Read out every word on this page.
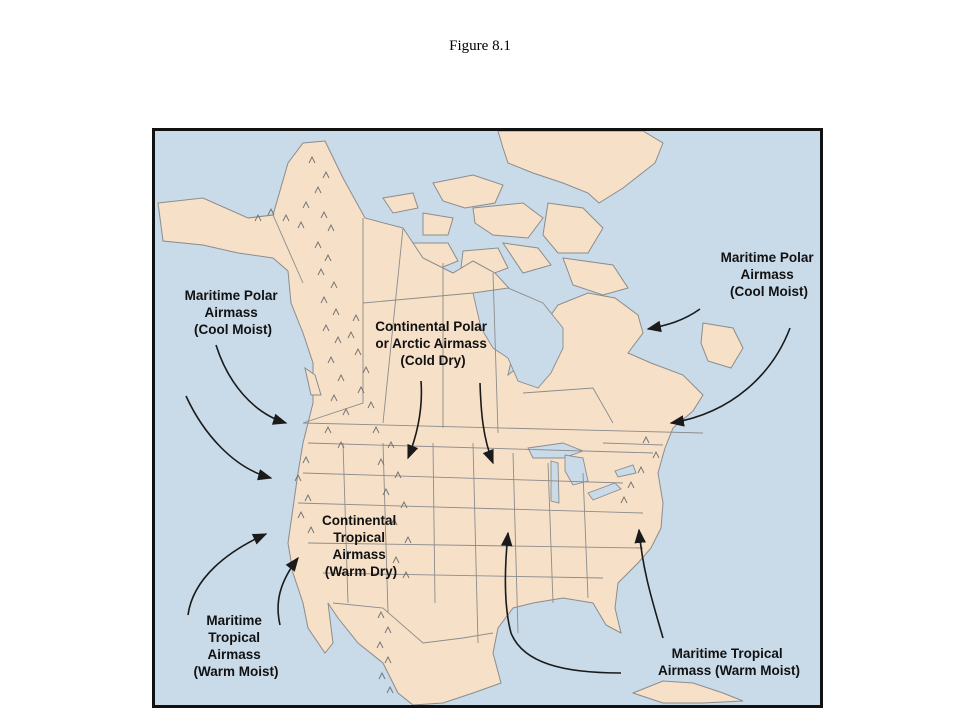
Figure 8.1
Maritime Polar Airmass (Cool Moist)
Maritime Polar Airmass (Cool Moist)
Continental Polar or Arctic Airmass (Cold Dry)
Continental Tropical Airmass (Warm Dry)
Maritime Tropical Airmass (Warm Moist)
Maritime Tropical Airmass (Warm Moist)
